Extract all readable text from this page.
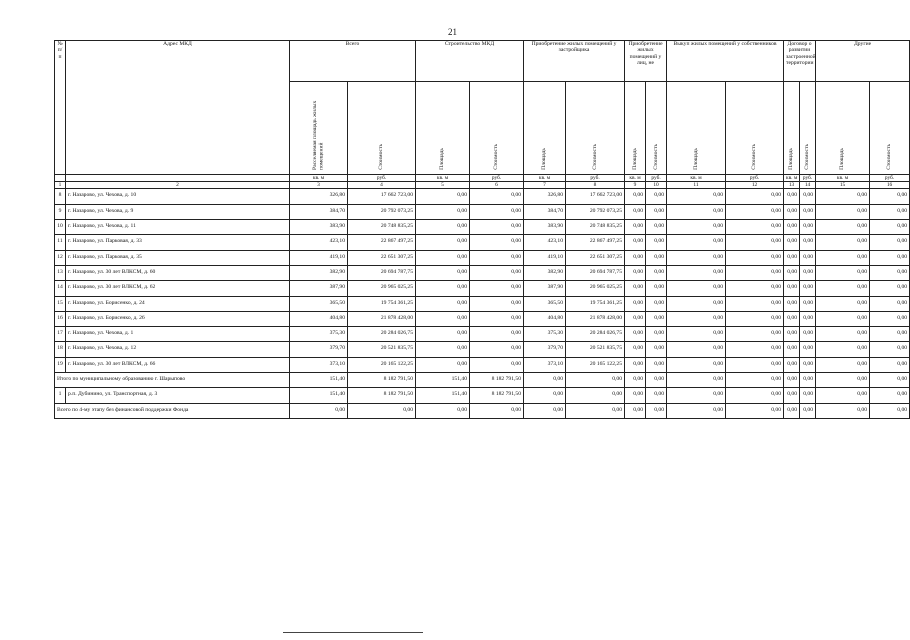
21
№ п/п	Адрес МКД	Всего		Строительство МКД		Приобретение жилых помещений у застройщика		Приобретение жилых помещений у лиц, не		Выкуп жилых помещений у собственников		Договор о развитии застроенной территории		Другие	
		Расселяемая площадь жилых помещений	Стоимость	Площадь	Стоимость	Площадь	Стоимость	Площадь	Стоимость	Площадь	Стоимость	Площадь	Стоимость	Площадь	Стоимость
		кв. м	руб.	кв. м	руб.	кв. м	руб.	кв. м	руб.	кв. м	руб.	кв. м	руб.	кв. м	руб.
1	2	3	4	5	6	7	8	9	10	11	12	13	14	15	16
8	г. Назарово, ул. Чехова, д. 10	326,80	17 662 723,00	0,00	0,00	326,80	17 662 723,00	0,00	0,00	0,00	0,00	0,00	0,00	0,00	0,00
9	г. Назарово, ул. Чехова, д. 9	384,70	20 792 073,25	0,00	0,00	384,70	20 792 073,25	0,00	0,00	0,00	0,00	0,00	0,00	0,00	0,00
10	г. Назарово, ул. Чехова, д. 11	383,90	20 748 835,25	0,00	0,00	383,90	20 748 835,25	0,00	0,00	0,00	0,00	0,00	0,00	0,00	0,00
11	г. Назарово, ул. Парковая, д. 33	423,10	22 867 497,25	0,00	0,00	423,10	22 867 497,25	0,00	0,00	0,00	0,00	0,00	0,00	0,00	0,00
12	г. Назарово, ул. Парковая, д. 35	419,10	22 651 307,25	0,00	0,00	419,10	22 651 307,25	0,00	0,00	0,00	0,00	0,00	0,00	0,00	0,00
13	г. Назарово, ул. 30 лет ВЛКСМ, д. 60	382,90	20 694 787,75	0,00	0,00	382,90	20 694 787,75	0,00	0,00	0,00	0,00	0,00	0,00	0,00	0,00
14	г. Назарово, ул. 30 лет ВЛКСМ, д. 62	387,90	20 965 025,25	0,00	0,00	387,90	20 965 025,25	0,00	0,00	0,00	0,00	0,00	0,00	0,00	0,00
15	г. Назарово, ул. Борисенко, д. 24	365,50	19 754 361,25	0,00	0,00	365,50	19 754 361,25	0,00	0,00	0,00	0,00	0,00	0,00	0,00	0,00
16	г. Назарово, ул. Борисенко, д. 26	404,80	21 878 428,00	0,00	0,00	404,80	21 878 428,00	0,00	0,00	0,00	0,00	0,00	0,00	0,00	0,00
17	г. Назарово, ул. Чехова, д. 1	375,30	20 284 026,75	0,00	0,00	375,30	20 284 026,75	0,00	0,00	0,00	0,00	0,00	0,00	0,00	0,00
18	г. Назарово, ул. Чехова, д. 12	379,70	20 521 835,75	0,00	0,00	379,70	20 521 835,75	0,00	0,00	0,00	0,00	0,00	0,00	0,00	0,00
19	г. Назарово, ул. 30 лет ВЛКСМ, д. 66	373,10	20 165 122,25	0,00	0,00	373,10	20 165 122,25	0,00	0,00	0,00	0,00	0,00	0,00	0,00	0,00
Итого по муниципальному образованию г. Шарыпово		151,40	8 182 791,50	151,40	8 182 791,50	0,00	0,00	0,00	0,00	0,00	0,00	0,00	0,00	0,00	0,00
1	р.п. Дубинино, ул. Транспортная, д. 3	151,40	8 182 791,50	151,40	8 182 791,50	0,00	0,00	0,00	0,00	0,00	0,00	0,00	0,00	0,00	0,00
Всего по 4-му этапу без финансовой поддержки Фонда		0,00	0,00	0,00	0,00	0,00	0,00	0,00	0,00	0,00	0,00	0,00	0,00	0,00	0,00
